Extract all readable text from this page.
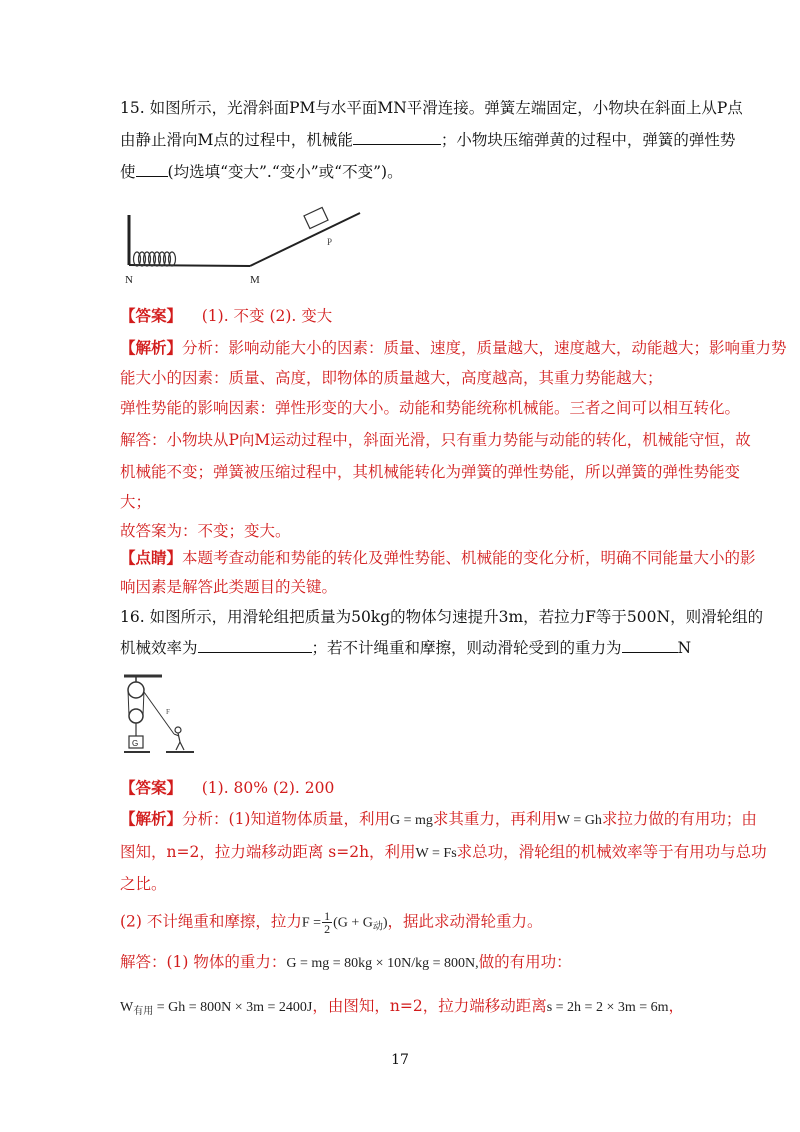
15. 如图所示，光滑斜面PM与水平面MN平滑连接。弹簧左端固定，小物块在斜面上从P点
由静止滑向M点的过程中，机械能	；小物块压缩弹黄的过程中，弹簧的弹性势
使 (均选填“变大”.“变小”或“不变”)。
N	M
P
【答案】 (1). 不变 (2). 变大
【解析】分析：影响动能大小的因素：质量、速度，质量越大，速度越大，动能越大；影响重力势
能大小的因素：质量、高度，即物体的质量越大，高度越高，其重力势能越大；
弹性势能的影响因素：弹性形变的大小。动能和势能统称机械能。三者之间可以相互转化。
解答：小物块从P向M运动过程中，斜面光滑，只有重力势能与动能的转化，机械能守恒，故
机械能不变；弹簧被压缩过程中，其机械能转化为弹簧的弹性势能，所以弹簧的弹性势能变
大；
故答案为：不变；变大。
【点睛】本题考查动能和势能的转化及弹性势能、机械能的变化分析，明确不同能量大小的影
响因素是解答此类题目的关键。
16. 如图所示，用滑轮组把质量为50kg的物体匀速提升3m，若拉力F等于500N，则滑轮组的
机械效率为	；若不计绳重和摩擦，则动滑轮受到的重力为	N
G
F
【答案】 (1). 80% (2). 200
【解析】分析：(1)知道物体质量，利用G = mg求其重力，再利用W = Gh求拉力做的有用功；由
图知，n=2，拉力端移动距离 s=2h，利用W = Fs求总功，滑轮组的机械效率等于有用功与总功
之比。
(2) 不计绳重和摩擦，拉力$F = \frac{1}{2} (G + G_动)$，据此求动滑轮重力。
解答：(1) 物体的重力：G = mg = 80kg × 10N/kg = 800N,做的有用功：
$W_{有用} = Gh = 800N \times 3m = 2400J$，由图知，n=2，拉力端移动距离s = 2h = 2 × 3m = 6m，
17
